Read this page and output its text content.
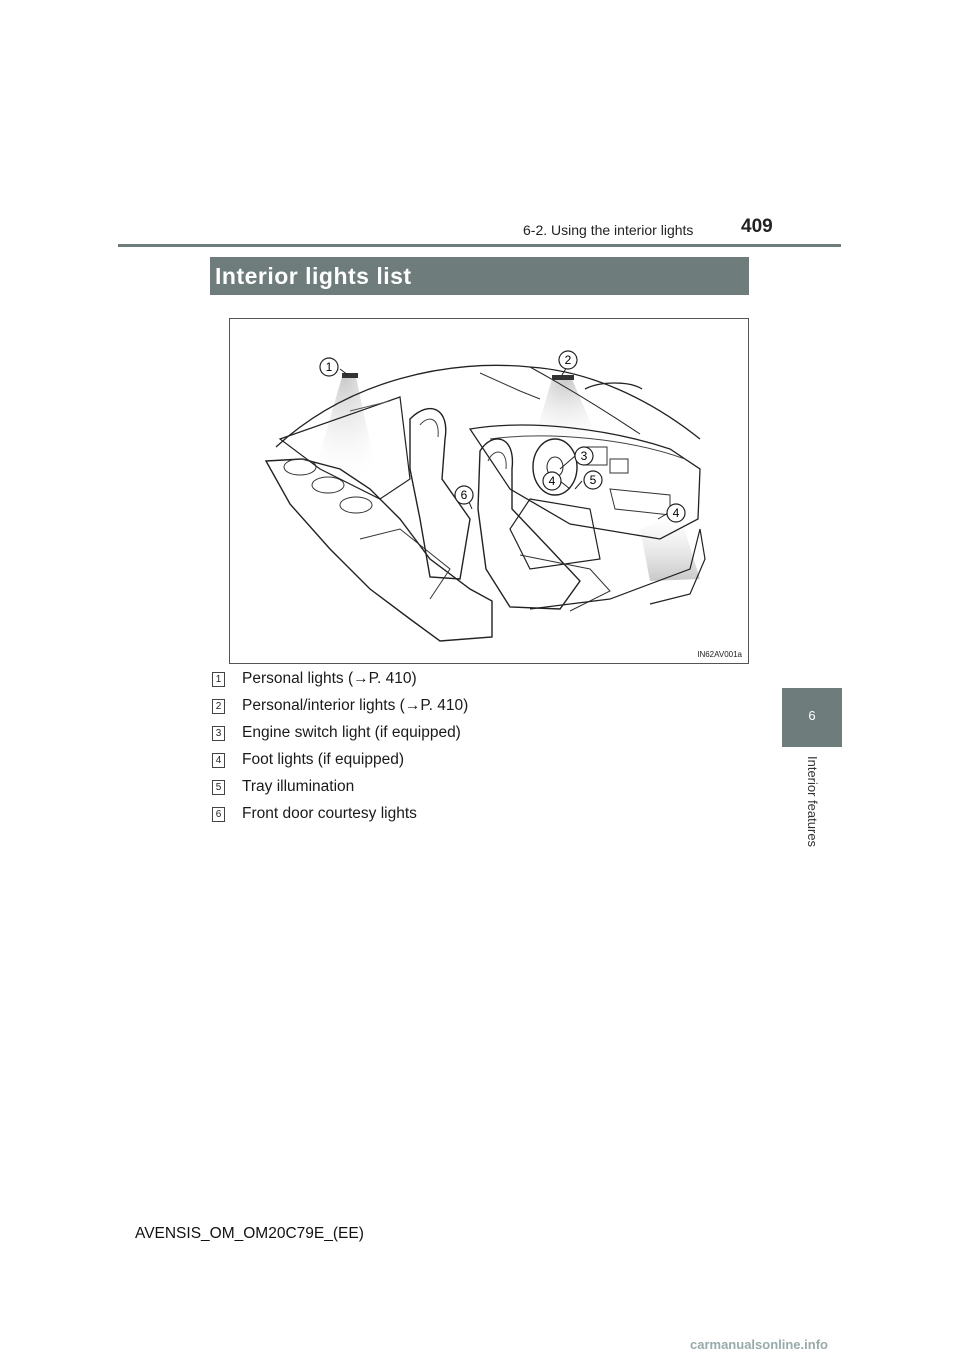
6-2. Using the interior lights	409
6
Interior features
Interior lights list
1	2
3
4	5
6
4
IN62AV001a
1 Personal lights (→P. 410)
2 Personal/interior lights (→P. 410)
3 Engine switch light (if equipped)
4 Foot lights (if equipped)
5 Tray illumination
6 Front door courtesy lights
AVENSIS_OM_OM20C79E_(EE)
carmanualsonline.info
